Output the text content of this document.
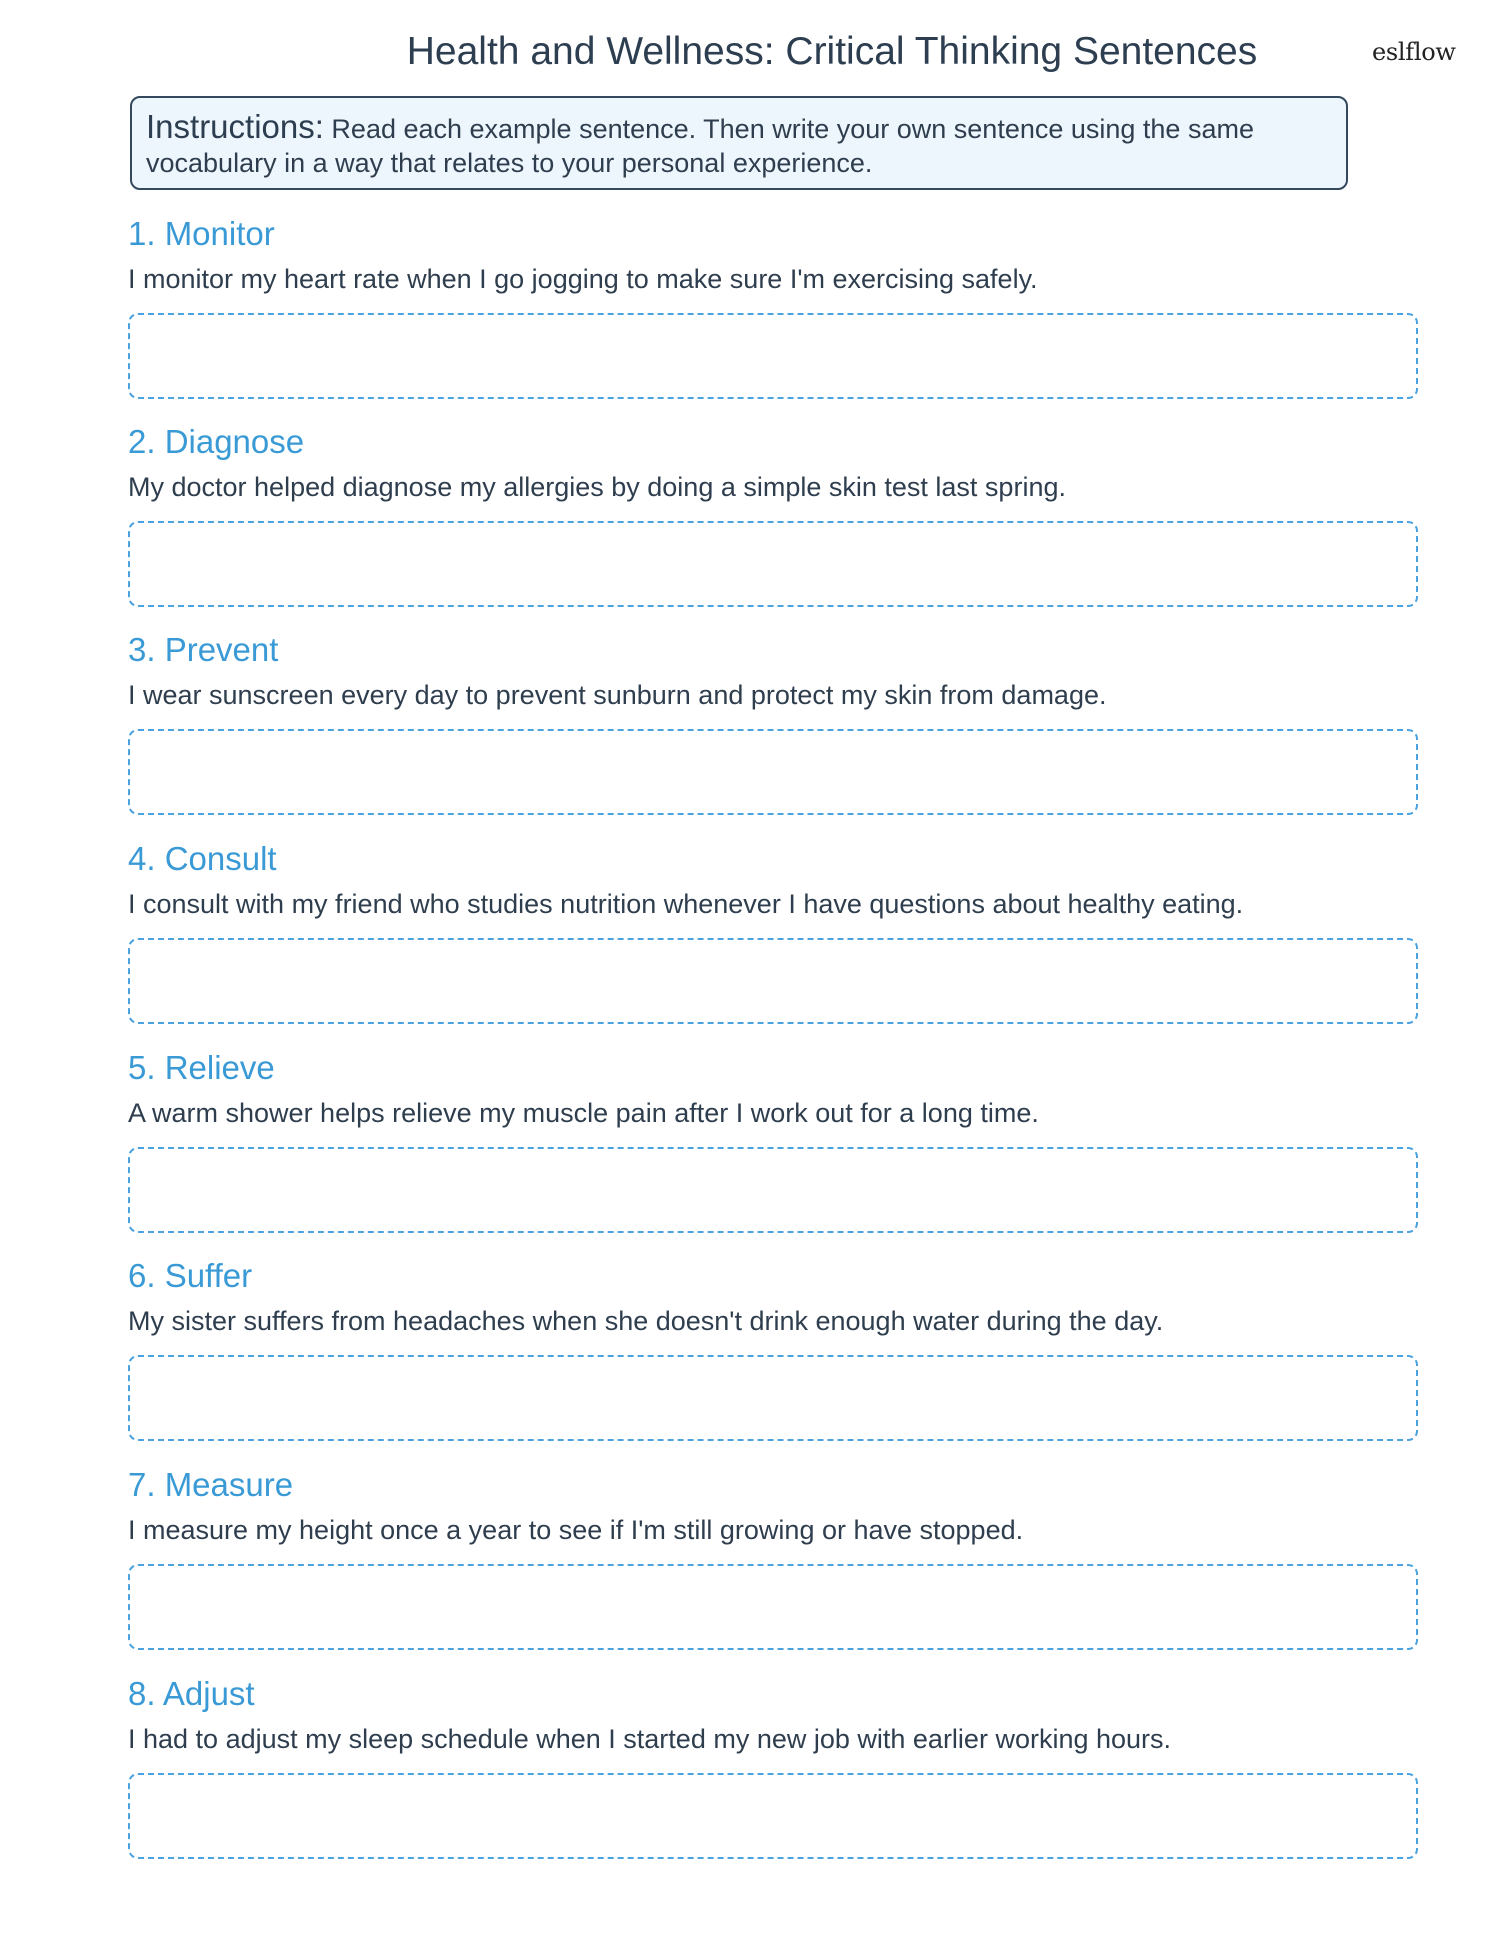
Health and Wellness: Critical Thinking Sentences	eslflow
Instructions: Read each example sentence. Then write your own sentence using the same vocabulary in a way that relates to your personal experience.
1. Monitor

I monitor my heart rate when I go jogging to make sure I'm exercising safely.

2. Diagnose

My doctor helped diagnose my allergies by doing a simple skin test last spring.

3. Prevent

I wear sunscreen every day to prevent sunburn and protect my skin from damage.

4. Consult

I consult with my friend who studies nutrition whenever I have questions about healthy eating.

5. Relieve

A warm shower helps relieve my muscle pain after I work out for a long time.

6. Suffer

My sister suffers from headaches when she doesn't drink enough water during the day.

7. Measure

I measure my height once a year to see if I'm still growing or have stopped.

8. Adjust

I had to adjust my sleep schedule when I started my new job with earlier working hours.
